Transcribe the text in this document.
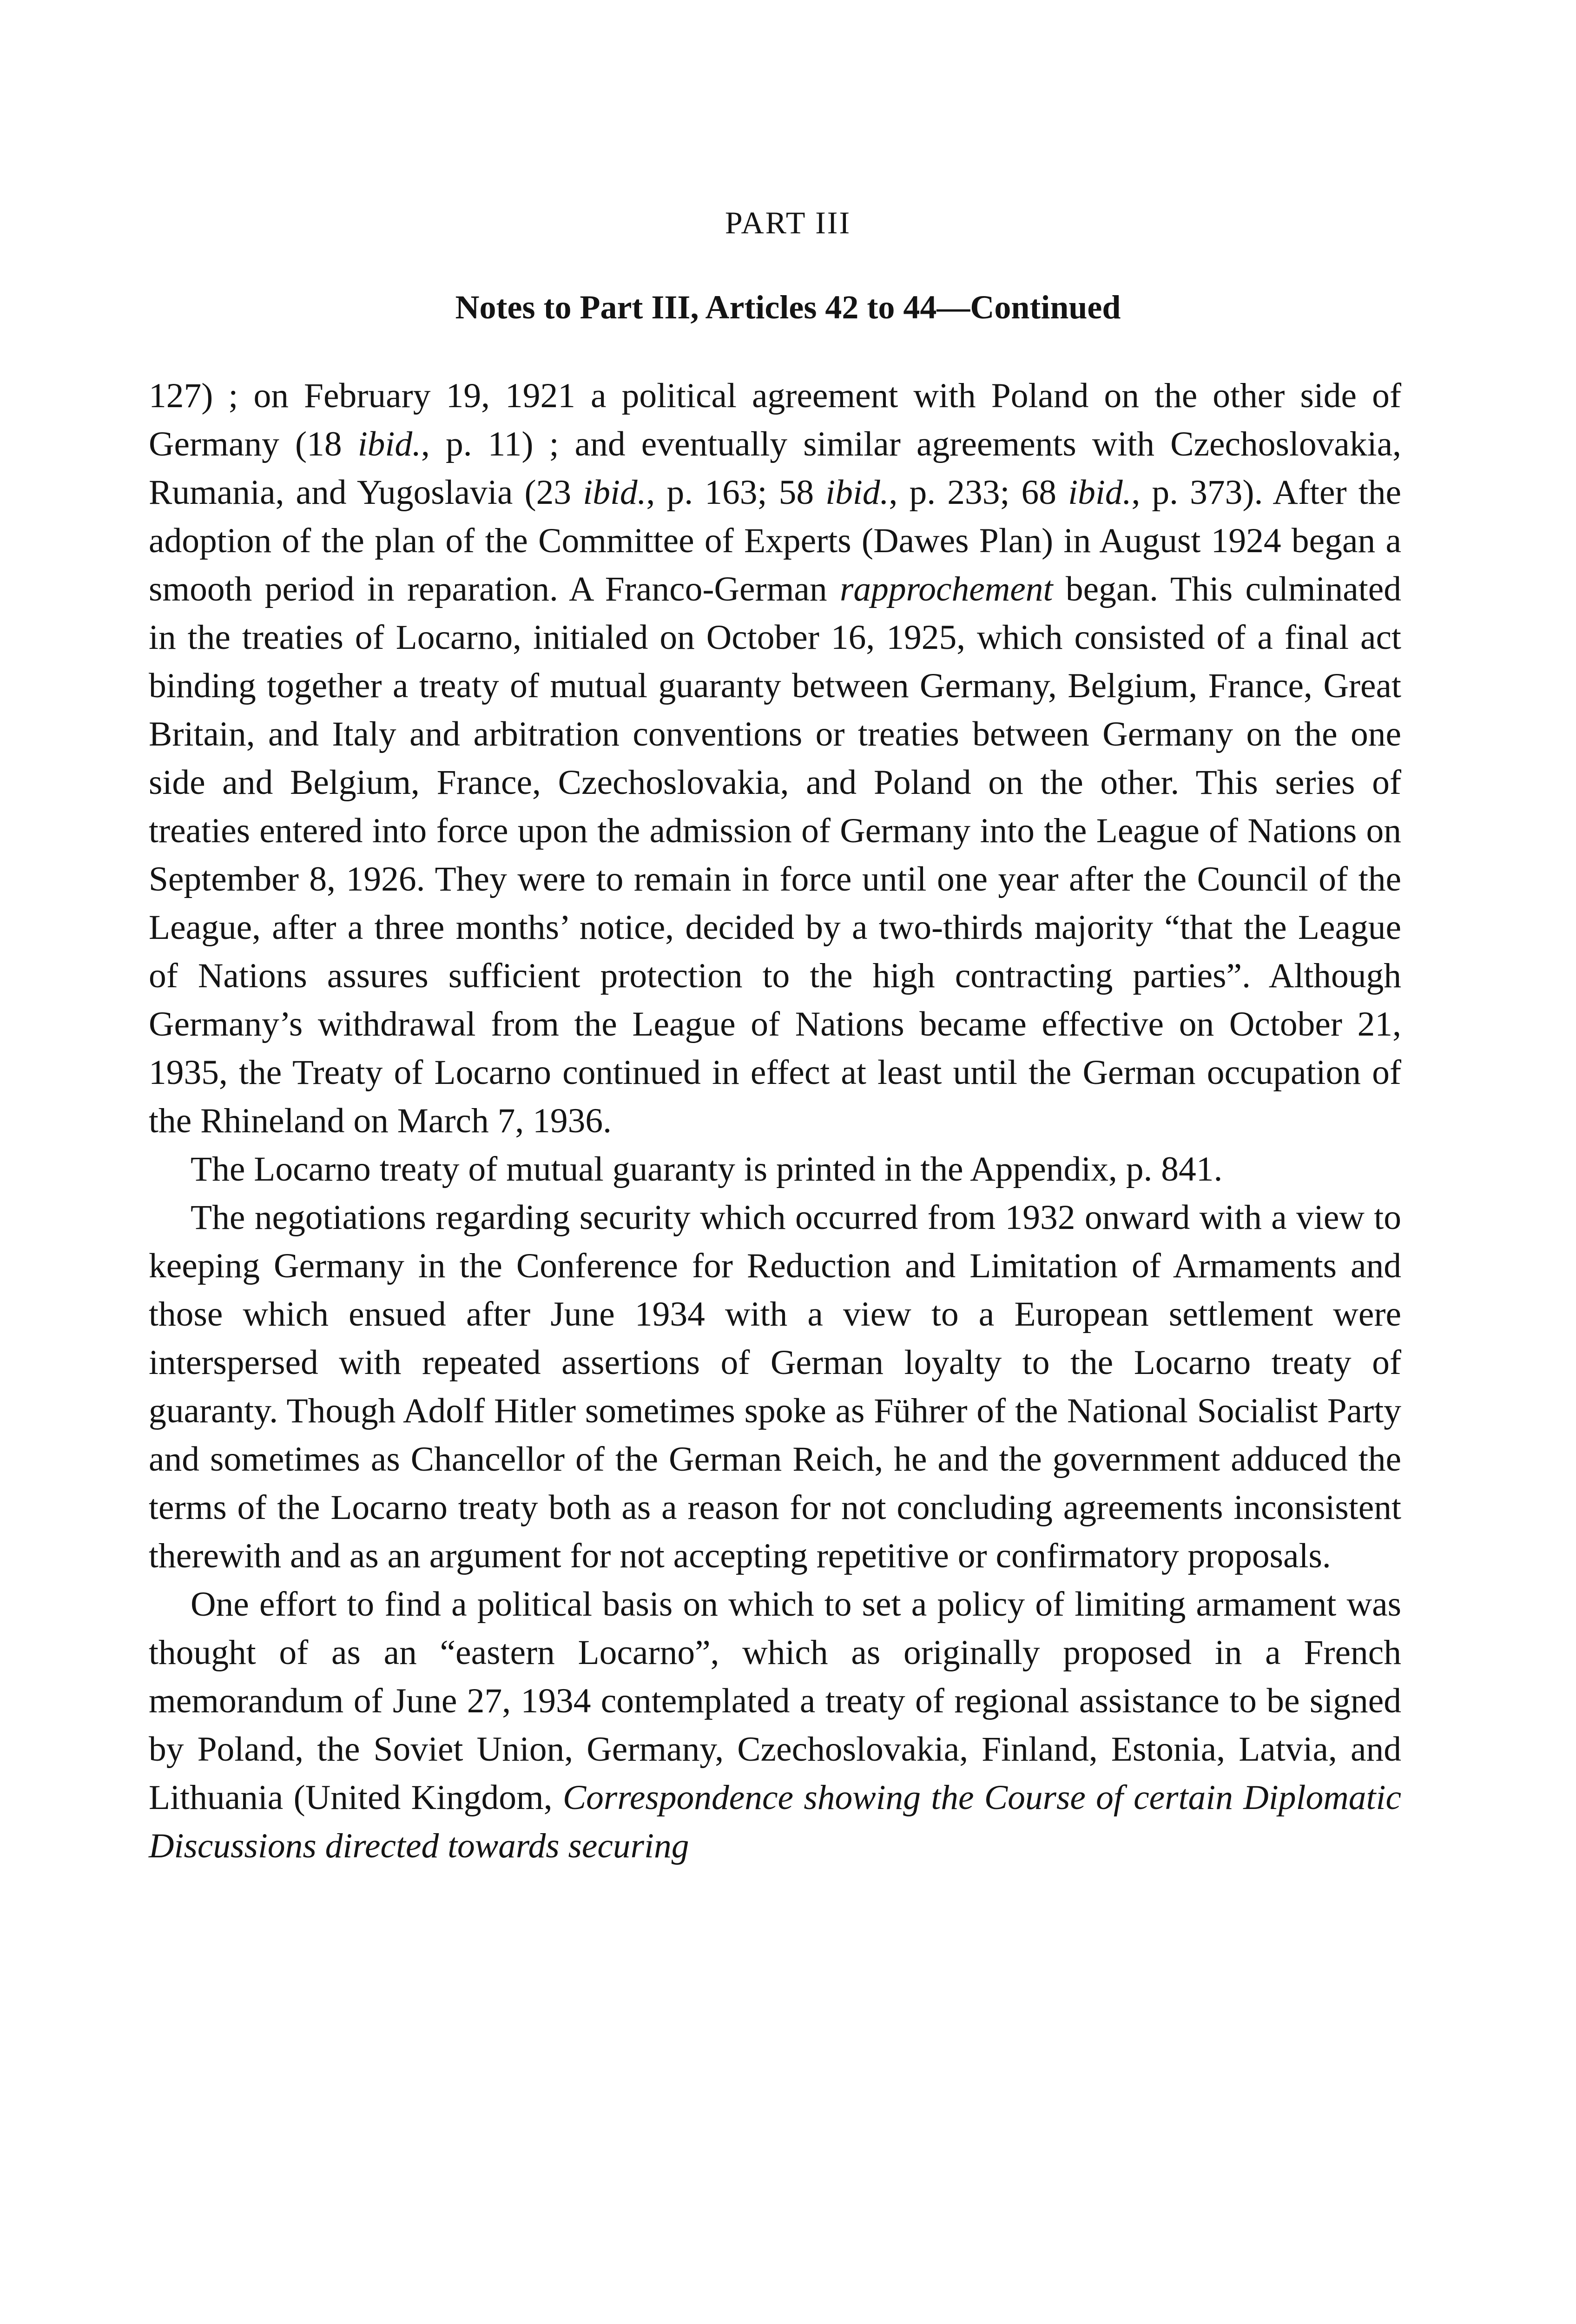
PART III
Notes to Part III, Articles 42 to 44—Continued

127) ; on February 19, 1921 a political agreement with Poland on the other side of Germany (18 ibid., p. 11) ; and eventually similar agreements with Czechoslovakia, Rumania, and Yugoslavia (23 ibid., p. 163; 58 ibid., p. 233; 68 ibid., p. 373). After the adoption of the plan of the Committee of Experts (Dawes Plan) in August 1924 began a smooth period in reparation. A Franco-German rapprochement began. This culminated in the treaties of Locarno, initialed on October 16, 1925, which consisted of a final act binding together a treaty of mutual guaranty between Germany, Belgium, France, Great Britain, and Italy and arbitration conventions or treaties between Germany on the one side and Belgium, France, Czechoslovakia, and Poland on the other. This series of treaties entered into force upon the admission of Germany into the League of Nations on September 8, 1926. They were to remain in force until one year after the Council of the League, after a three months’ notice, decided by a two-thirds majority “that the League of Nations assures sufficient protection to the high contracting parties”. Although Germany’s withdrawal from the League of Nations became effective on October 21, 1935, the Treaty of Locarno continued in effect at least until the German occupation of the Rhineland on March 7, 1936.

The Locarno treaty of mutual guaranty is printed in the Appendix, p. 841.

The negotiations regarding security which occurred from 1932 onward with a view to keeping Germany in the Conference for Reduction and Limitation of Armaments and those which ensued after June 1934 with a view to a European settlement were interspersed with repeated assertions of German loyalty to the Locarno treaty of guaranty. Though Adolf Hitler sometimes spoke as Führer of the National Socialist Party and sometimes as Chancellor of the German Reich, he and the government adduced the terms of the Locarno treaty both as a reason for not concluding agreements inconsistent therewith and as an argument for not accepting repetitive or confirmatory proposals.

One effort to find a political basis on which to set a policy of limiting armament was thought of as an “eastern Locarno”, which as originally proposed in a French memorandum of June 27, 1934 contemplated a treaty of regional assistance to be signed by Poland, the Soviet Union, Germany, Czechoslovakia, Finland, Estonia, Latvia, and Lithuania (United Kingdom, Correspondence showing the Course of certain Diplomatic Discussions directed towards securing
